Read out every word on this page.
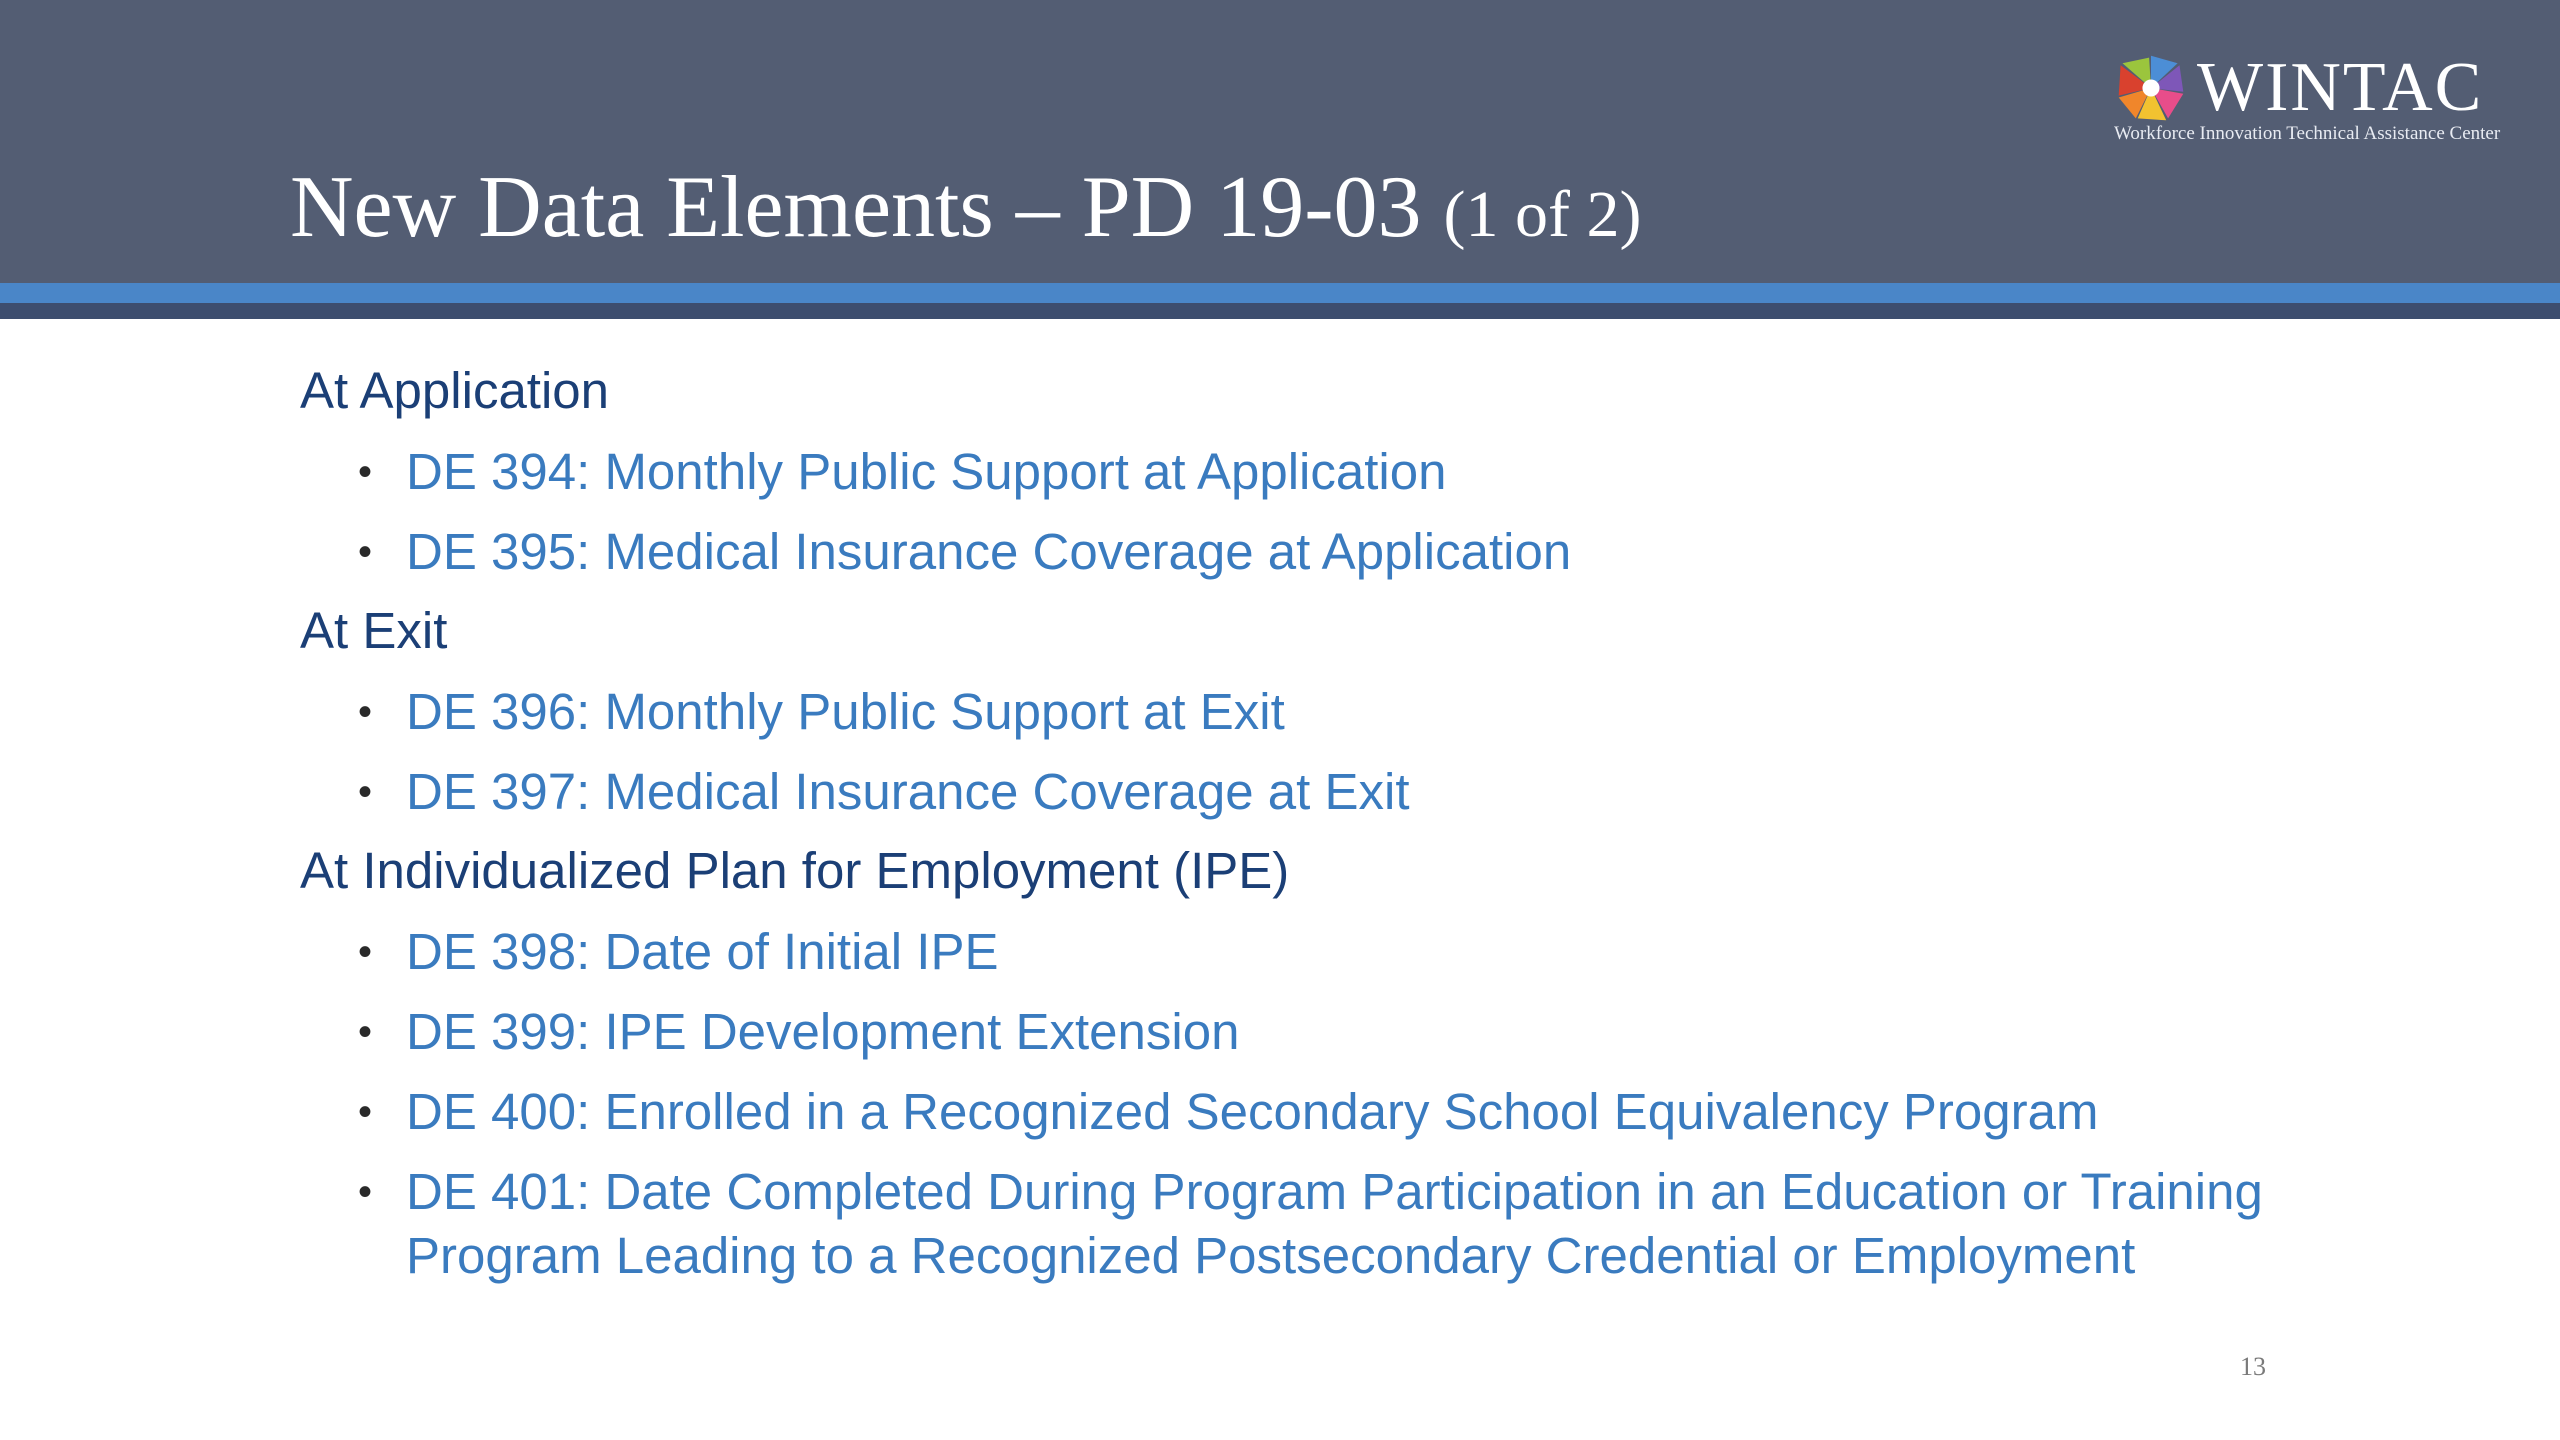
New Data Elements – PD 19-03 (1 of 2)
WINTAC
Workforce Innovation Technical Assistance Center
At Application
• DE 394: Monthly Public Support at Application
• DE 395: Medical Insurance Coverage at Application
At Exit
• DE 396: Monthly Public Support at Exit
• DE 397: Medical Insurance Coverage at Exit
At Individualized Plan for Employment (IPE)
• DE 398: Date of Initial IPE
• DE 399: IPE Development Extension
• DE 400: Enrolled in a Recognized Secondary School Equivalency Program
• DE 401: Date Completed During Program Participation in an Education or Training Program Leading to a Recognized Postsecondary Credential or Employment
13
